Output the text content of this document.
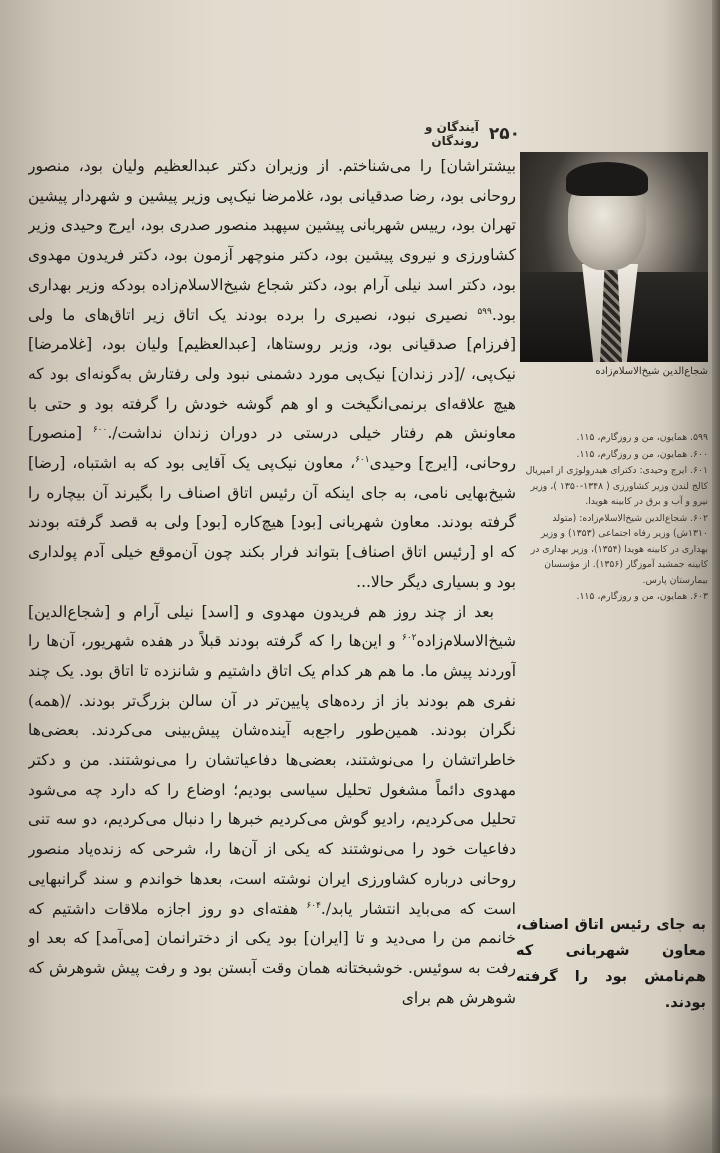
۲۵۰
آیندگان و روندگان
شجاع‌الدین شیخ‌الاسلام‌زاده

بیشتراشان] را می‌شناختم. از وزیران دکتر عبدالعظیم ولیان بود، منصور روحانی بود، رضا صدقیانی بود، غلامرضا نیک‌پی وزیر پیشین و شهردار پیشین تهران بود، رییس شهربانی پیشین سپهبد منصور صدری بود، ایرج وحیدی وزیر کشاورزی و نیروی پیشین بود، دکتر منوچهر آزمون بود، دکتر فریدون مهدوی بود، دکتر اسد نیلی آرام بود، دکتر شجاع شیخ‌الاسلام‌زاده بودکه وزیر بهداری بود.$^{۵۹۹}$ نصیری نبود، نصیری را برده بودند یک اتاق زیر اتاق‌های ما ولی [فرزام] صدقیانی بود، وزیر روستاها، [عبدالعظیم] ولیان بود، [غلامرضا] نیک‌پی، /[در زندان] نیک‌پی مورد دشمنی نبود ولی رفتارش به‌گونه‌ای بود که هیچ علاقه‌ای برنمی‌انگیخت و او هم گوشه خودش را گرفته بود و حتی با معاونش هم رفتار خیلی درستی در دوران زندان نداشت/.$^{۶۰۰}$ [منصور] روحانی، [ایرج] وحیدی$^{۶۰۱}$، معاون نیک‌پی یک آقایی بود که به اشتباه، [رضا] شیخ‌بهایی نامی، به جای اینکه آن رئیس اتاق اصناف را بگیرند آن بیچاره را گرفته بودند. معاون شهربانی [بود] هیچ‌کاره [بود] ولی به قصد گرفته بودند که او [رئیس اتاق اصناف] بتواند فرار بکند چون آن‌موقع خیلی آدم پولداری بود و بسیاری دیگر حالا...

بعد از چند روز هم فریدون مهدوی و [اسد] نیلی آرام و [شجاع‌الدین] شیخ‌الاسلام‌زاده$^{۶۰۲}$ و این‌ها را که گرفته بودند قبلاً در هفده شهریور، آن‌ها را آوردند پیش ما. ما هم هر کدام یک اتاق داشتیم و شانزده تا اتاق بود. یک چند نفری هم بودند باز از رده‌های پایین‌تر در آن سالن بزرگ‌تر بودند. /(همه) نگران بودند. همین‌طور راجع‌به آینده‌شان پیش‌بینی می‌کردند. بعضی‌ها خاطراتشان را می‌نوشتند، بعضی‌ها دفاعیاتشان را می‌نوشتند. من و دکتر مهدوی دائماً مشغول تحلیل سیاسی بودیم؛ اوضاع را که دارد چه می‌شود تحلیل می‌کردیم، رادیو گوش می‌کردیم خبرها را دنبال می‌کردیم، دو سه تنی دفاعیات خود را می‌نوشتند که یکی از آن‌ها را، شرحی که زنده‌یاد منصور روحانی درباره کشاورزی ایران نوشته است، بعدها خواندم و سند گرانبهایی است که می‌باید انتشار یابد/.$^{۶۰۴}$ هفته‌ای دو روز اجازه ملاقات داشتیم که خانمم من را می‌دید و تا [ایران] بود یکی از دخترانمان [می‌آمد] که بعد او رفت به سوئیس. خوشبختانه همان وقت آبستن بود و رفت پیش شوهرش که شوهرش هم برای

۵۹۹. همایون، من و روزگارم، ۱۱۵.
۶۰۰. همایون، من و روزگارم، ۱۱۵.
۶۰۱. ایرج وحیدی: دکترای هیدرولوژی از امپریال کالج لندن وزیر کشاورزی ( ۱۳۴۸-۱۳۵۰ )، وزیر نیرو و آب و برق در کابینه هویدا.
۶۰۲. شجاع‌الدین شیخ‌الاسلام‌زاده: (متولد ۱۳۱۰ش) وزیر رفاه اجتماعی (۱۳۵۳) و وزیر بهداری در کابینه هویدا (۱۳۵۴)، وزیر بهداری در کابینه جمشید آموزگار (۱۳۵۶). از مؤسسان بیمارستان پارس.
۶۰۳. همایون، من و روزگارم، ۱۱۵.
به جای رئیس اتاق اصناف، معاون شهربانی که هم‌نامش بود را گرفته بودند.
